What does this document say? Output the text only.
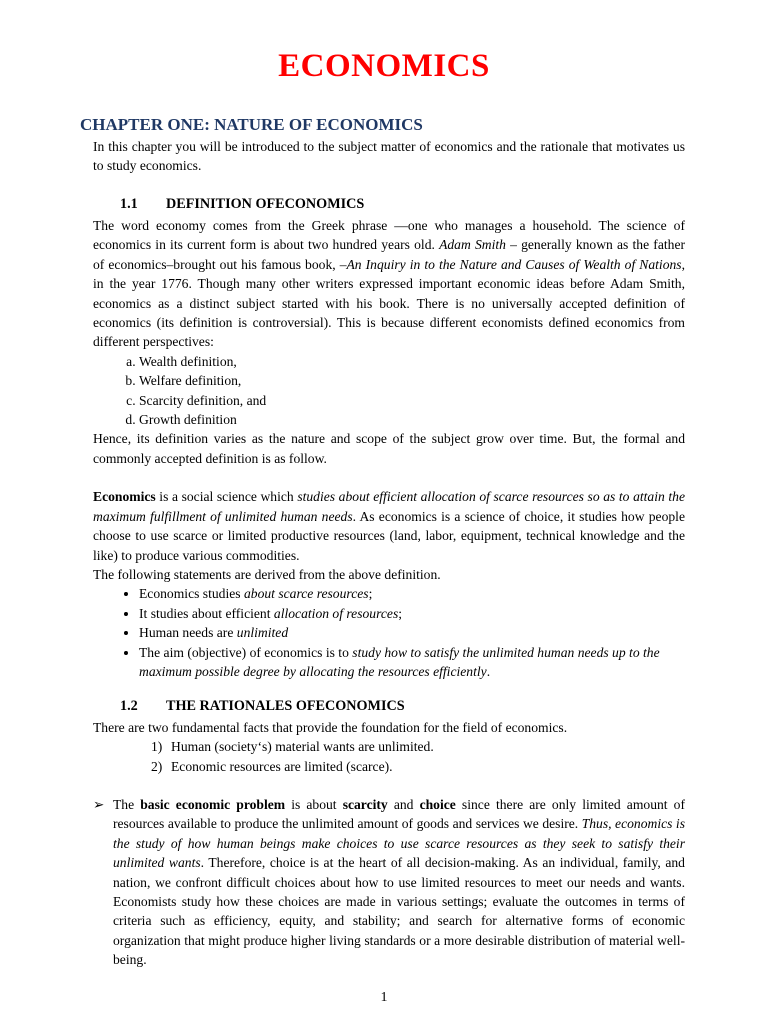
ECONOMICS
CHAPTER ONE: NATURE OF ECONOMICS

In this chapter you will be introduced to the subject matter of economics and the rationale that motivates us to study economics.

1.1 DEFINITION OFECONOMICS

The word economy comes from the Greek phrase —one who manages a household. The science of economics in its current form is about two hundred years old. Adam Smith – generally known as the father of economics–brought out his famous book, –An Inquiry in to the Nature and Causes of Wealth of Nations, in the year 1776. Though many other writers expressed important economic ideas before Adam Smith, economics as a distinct subject started with his book. There is no universally accepted definition of economics (its definition is controversial). This is because different economists defined economics from different perspectives:

a. Wealth definition,
b. Welfare definition,
c. Scarcity definition, and
d. Growth definition

Hence, its definition varies as the nature and scope of the subject grow over time. But, the formal and commonly accepted definition is as follow.

Economics is a social science which studies about efficient allocation of scarce resources so as to attain the maximum fulfillment of unlimited human needs. As economics is a science of choice, it studies how people choose to use scarce or limited productive resources (land, labor, equipment, technical knowledge and the like) to produce various commodities.

The following statements are derived from the above definition.

• Economics studies about scarce resources;
• It studies about efficient allocation of resources;
• Human needs are unlimited
• The aim (objective) of economics is to study how to satisfy the unlimited human needs up to the maximum possible degree by allocating the resources efficiently.
1.2 THE RATIONALES OFECONOMICS

There are two fundamental facts that provide the foundation for the field of economics.

1) Human (society‘s) material wants are unlimited.
2) Economic resources are limited (scarce).
➢ The basic economic problem is about scarcity and choice since there are only limited amount of resources available to produce the unlimited amount of goods and services we desire. Thus, economics is the study of how human beings make choices to use scarce resources as they seek to satisfy their unlimited wants. Therefore, choice is at the heart of all decision-making. As an individual, family, and nation, we confront difficult choices about how to use limited resources to meet our needs and wants. Economists study how these choices are made in various settings; evaluate the outcomes in terms of criteria such as efficiency, equity, and stability; and search for alternative forms of economic organization that might produce higher living standards or a more desirable distribution of material well-being.

1
